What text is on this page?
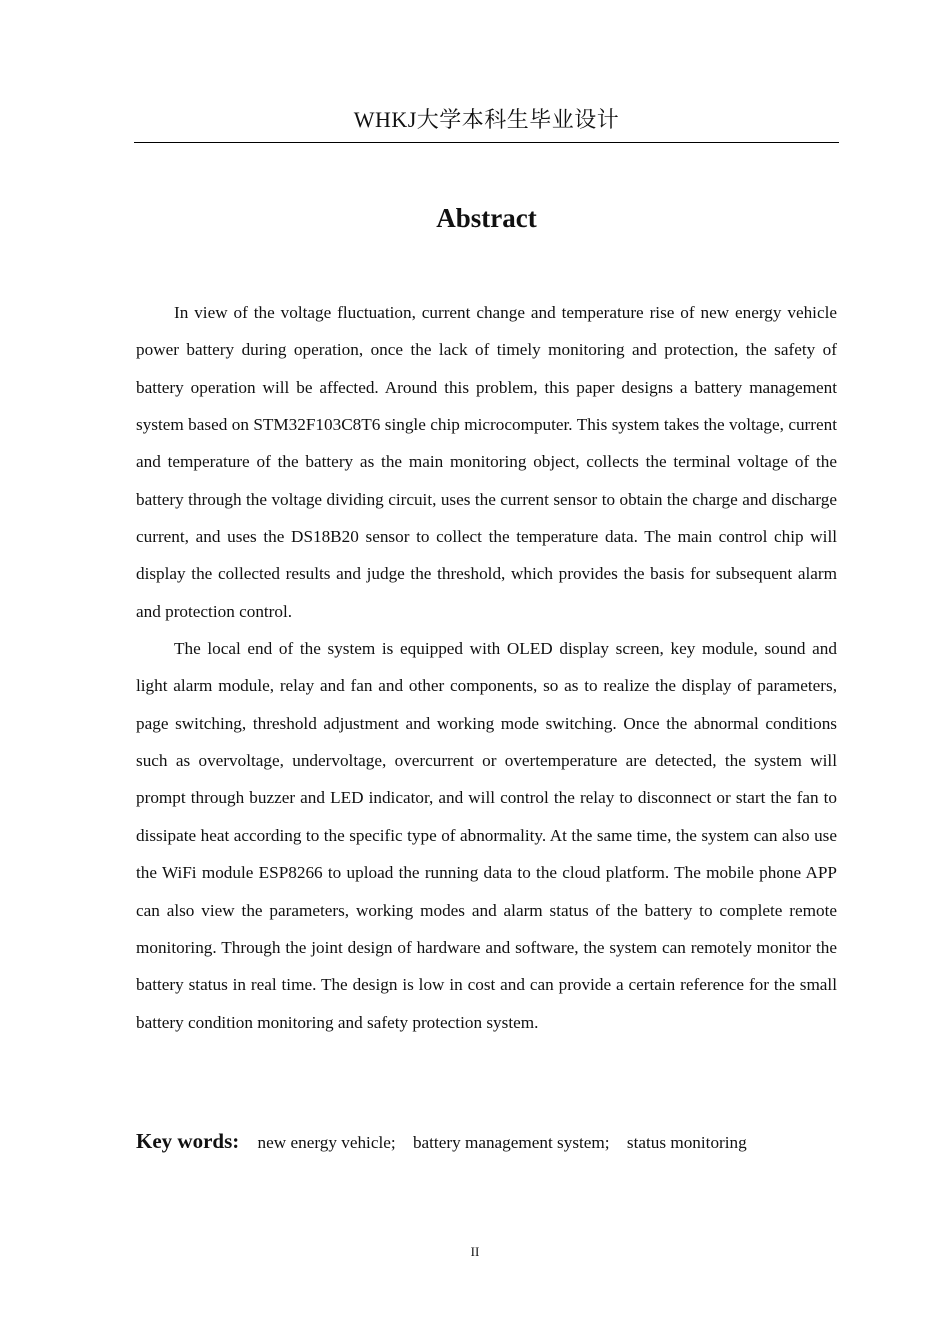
WHKJ大学本科生毕业设计
Abstract

In view of the voltage fluctuation, current change and temperature rise of new energy vehicle power battery during operation, once the lack of timely monitoring and protection, the safety of battery operation will be affected. Around this problem, this paper designs a battery management system based on STM32F103C8T6 single chip microcomputer. This system takes the voltage, current and temperature of the battery as the main monitoring object, collects the terminal voltage of the battery through the voltage dividing circuit, uses the current sensor to obtain the charge and discharge current, and uses the DS18B20 sensor to collect the temperature data. The main control chip will display the collected results and judge the threshold, which provides the basis for subsequent alarm and protection control.

The local end of the system is equipped with OLED display screen, key module, sound and light alarm module, relay and fan and other components, so as to realize the display of parameters, page switching, threshold adjustment and working mode switching. Once the abnormal conditions such as overvoltage, undervoltage, overcurrent or overtemperature are detected, the system will prompt through buzzer and LED indicator, and will control the relay to disconnect or start the fan to dissipate heat according to the specific type of abnormality. At the same time, the system can also use the WiFi module ESP8266 to upload the running data to the cloud platform. The mobile phone APP can also view the parameters, working modes and alarm status of the battery to complete remote monitoring. Through the joint design of hardware and software, the system can remotely monitor the battery status in real time. The design is low in cost and can provide a certain reference for the small battery condition monitoring and safety protection system.

Key words: new energy vehicle; battery management system; status monitoring
II
